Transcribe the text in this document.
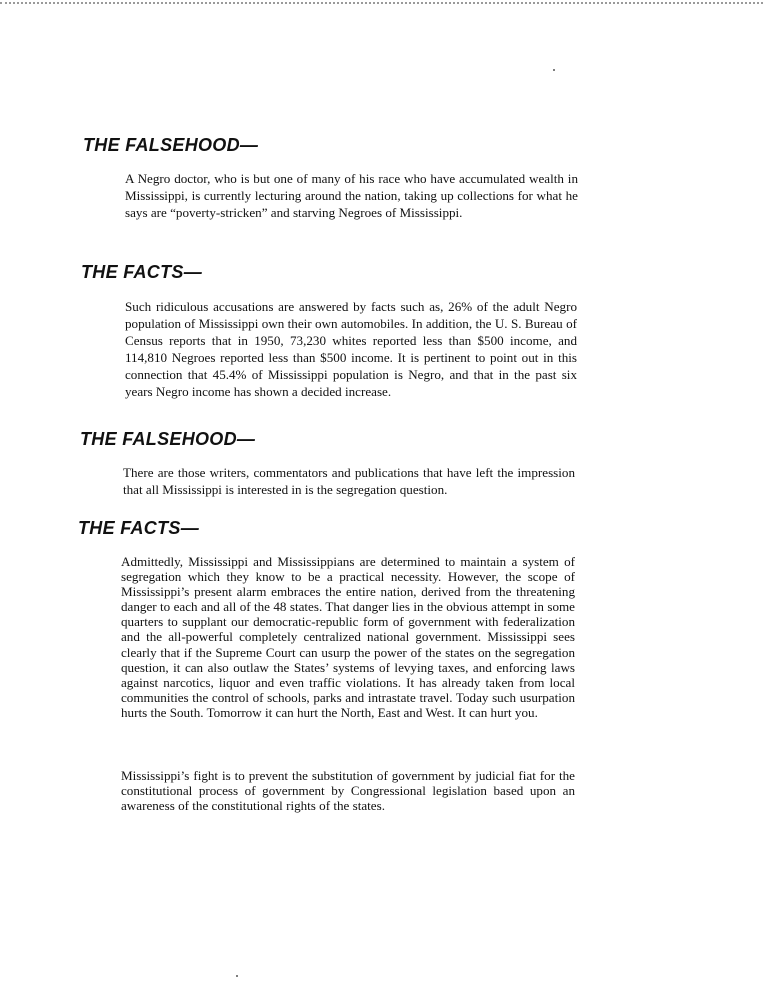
THE FALSEHOOD—

A Negro doctor, who is but one of many of his race who have accumulated wealth in Mississippi, is currently lecturing around the nation, taking up collections for what he says are “poverty-stricken” and starving Negroes of Mississippi.

THE FACTS—

Such ridiculous accusations are answered by facts such as, 26% of the adult Negro population of Mississippi own their own automobiles. In addition, the U. S. Bureau of Census reports that in 1950, 73,230 whites reported less than $500 income, and 114,810 Negroes reported less than $500 income. It is pertinent to point out in this connection that 45.4% of Mississippi population is Negro, and that in the past six years Negro income has shown a decided increase.

THE FALSEHOOD—

There are those writers, commentators and publications that have left the impression that all Mississippi is interested in is the segregation question.

THE FACTS—

Admittedly, Mississippi and Mississippians are determined to maintain a system of segregation which they know to be a practical necessity. However, the scope of Mississippi’s present alarm embraces the entire nation, derived from the threatening danger to each and all of the 48 states. That danger lies in the obvious attempt in some quarters to supplant our democratic-republic form of government with federalization and the all-powerful completely centralized national government. Mississippi sees clearly that if the Supreme Court can usurp the power of the states on the segregation question, it can also outlaw the States’ systems of levying taxes, and enforcing laws against narcotics, liquor and even traffic violations. It has already taken from local communities the control of schools, parks and intrastate travel. Today such usurpation hurts the South. Tomorrow it can hurt the North, East and West. It can hurt you.

Mississippi’s fight is to prevent the substitution of government by judicial fiat for the constitutional process of government by Congressional legislation based upon an awareness of the constitutional rights of the states.
